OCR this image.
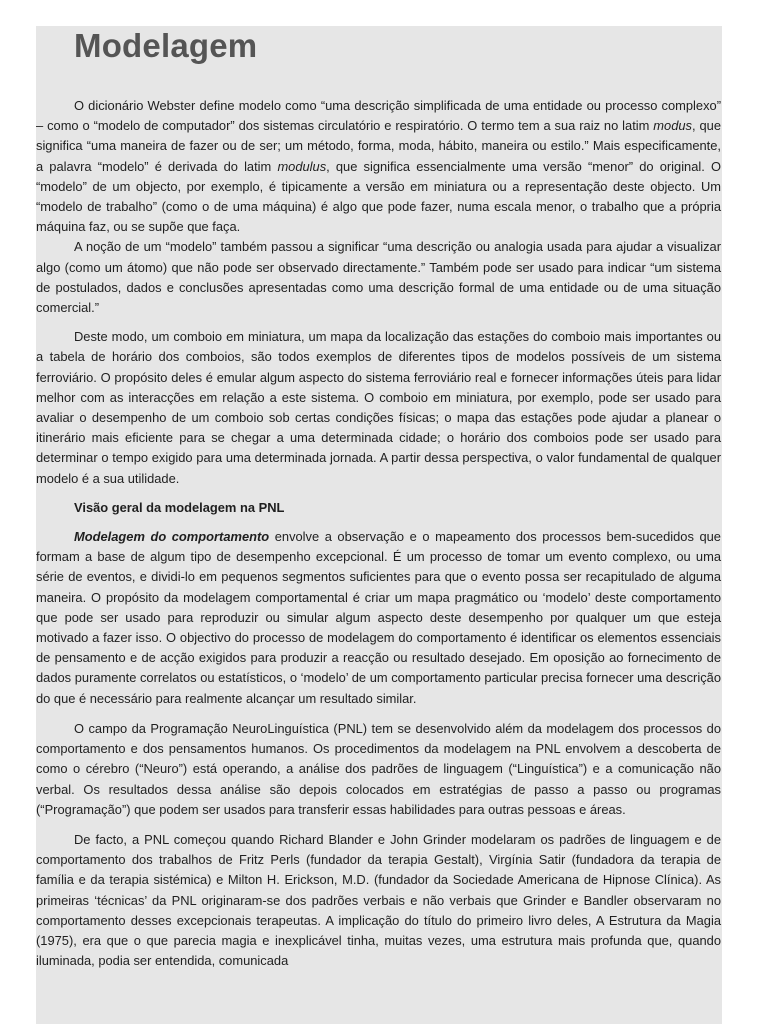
Modelagem

O dicionário Webster define modelo como “uma descrição simplificada de uma entidade ou processo complexo” – como o “modelo de computador” dos sistemas circulatório e respiratório. O termo tem a sua raiz no latim modus, que significa “uma maneira de fazer ou de ser; um método, forma, moda, hábito, maneira ou estilo.” Mais especificamente, a palavra “modelo” é derivada do latim modulus, que significa essencialmente uma versão “menor” do original. O “modelo” de um objecto, por exemplo, é tipicamente a versão em miniatura ou a representação deste objecto. Um “modelo de trabalho” (como o de uma máquina) é algo que pode fazer, numa escala menor, o trabalho que a própria máquina faz, ou se supõe que faça.

A noção de um “modelo” também passou a significar “uma descrição ou analogia usada para ajudar a visualizar algo (como um átomo) que não pode ser observado directamente.” Também pode ser usado para indicar “um sistema de postulados, dados e conclusões apresentadas como uma descrição formal de uma entidade ou de uma situação comercial.”

Deste modo, um comboio em miniatura, um mapa da localização das estações do comboio mais importantes ou a tabela de horário dos comboios, são todos exemplos de diferentes tipos de modelos possíveis de um sistema ferroviário. O propósito deles é emular algum aspecto do sistema ferroviário real e fornecer informações úteis para lidar melhor com as interacções em relação a este sistema. O comboio em miniatura, por exemplo, pode ser usado para avaliar o desempenho de um comboio sob certas condições físicas; o mapa das estações pode ajudar a planear o itinerário mais eficiente para se chegar a uma determinada cidade; o horário dos comboios pode ser usado para determinar o tempo exigido para uma determinada jornada. A partir dessa perspectiva, o valor fundamental de qualquer modelo é a sua utilidade.

Visão geral da modelagem na PNL

Modelagem do comportamento envolve a observação e o mapeamento dos processos bem-sucedidos que formam a base de algum tipo de desempenho excepcional. É um processo de tomar um evento complexo, ou uma série de eventos, e dividi-lo em pequenos segmentos suficientes para que o evento possa ser recapitulado de alguma maneira. O propósito da modelagem comportamental é criar um mapa pragmático ou ‘modelo’ deste comportamento que pode ser usado para reproduzir ou simular algum aspecto deste desempenho por qualquer um que esteja motivado a fazer isso. O objectivo do processo de modelagem do comportamento é identificar os elementos essenciais de pensamento e de acção exigidos para produzir a reacção ou resultado desejado. Em oposição ao fornecimento de dados puramente correlatos ou estatísticos, o ‘modelo’ de um comportamento particular precisa fornecer uma descrição do que é necessário para realmente alcançar um resultado similar.

O campo da Programação NeuroLinguística (PNL) tem se desenvolvido além da modelagem dos processos do comportamento e dos pensamentos humanos. Os procedimentos da modelagem na PNL envolvem a descoberta de como o cérebro (“Neuro”) está operando, a análise dos padrões de linguagem (“Linguística”) e a comunicação não verbal. Os resultados dessa análise são depois colocados em estratégias de passo a passo ou programas (“Programação”) que podem ser usados para transferir essas habilidades para outras pessoas e áreas.

De facto, a PNL começou quando Richard Blander e John Grinder modelaram os padrões de linguagem e de comportamento dos trabalhos de Fritz Perls (fundador da terapia Gestalt), Virgínia Satir (fundadora da terapia de família e da terapia sistémica) e Milton H. Erickson, M.D. (fundador da Sociedade Americana de Hipnose Clínica). As primeiras ‘técnicas’ da PNL originaram-se dos padrões verbais e não verbais que Grinder e Bandler observaram no comportamento desses excepcionais terapeutas. A implicação do título do primeiro livro deles, A Estrutura da Magia (1975), era que o que parecia magia e inexplicável tinha, muitas vezes, uma estrutura mais profunda que, quando iluminada, podia ser entendida, comunicada
